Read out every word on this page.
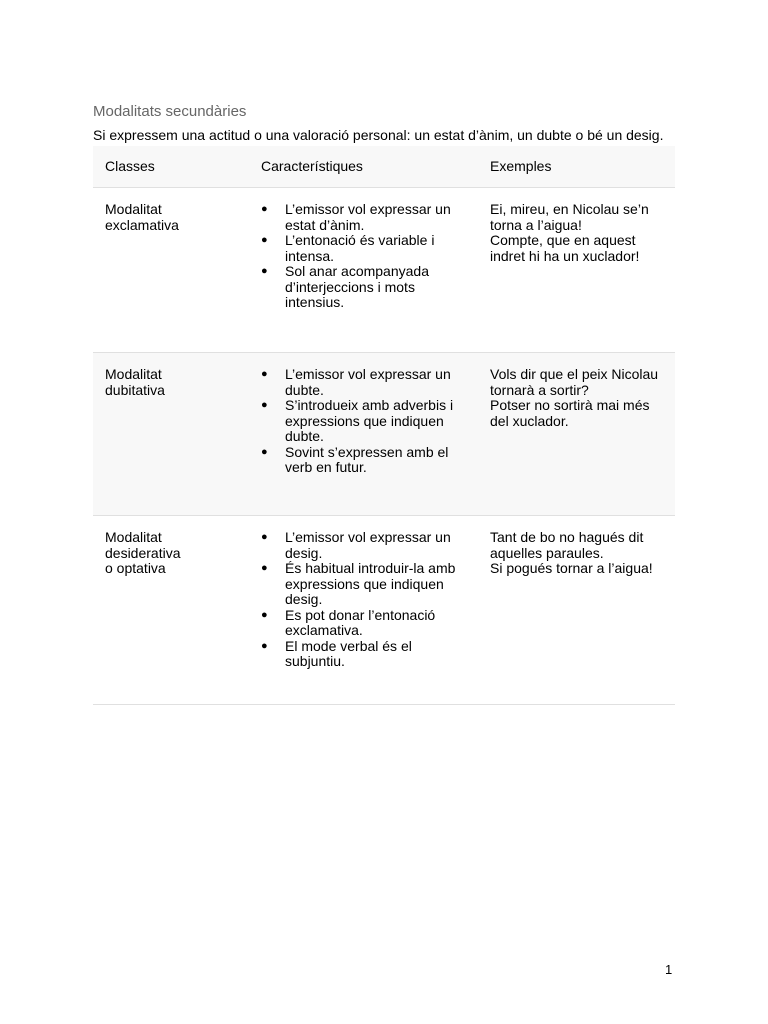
Modalitats secundàries

Si expressem una actitud o una valoració personal: un estat d’ànim, un dubte o bé un desig.

Classes	Característiques	Exemples
Modalitat
exclamativa
● L’emissor vol expressar un estat d’ànim.
● L’entonació és variable i intensa.
● Sol anar acompanyada d’interjeccions i mots intensius.
Ei, mireu, en Nicolau se’n torna a l’aigua!
Compte, que en aquest indret hi ha un xuclador!
Modalitat
dubitativa
● L’emissor vol expressar un dubte.
● S’introdueix amb adverbis i expressions que indiquen dubte.
● Sovint s’expressen amb el verb en futur.
Vols dir que el peix Nicolau tornarà a sortir?
Potser no sortirà mai més del xuclador.
Modalitat
desiderativa
o optativa
● L’emissor vol expressar un desig.
● És habitual introduir-la amb expressions que indiquen desig.
● Es pot donar l’entonació exclamativa.
● El mode verbal és el subjuntiu.
Tant de bo no hagués dit aquelles paraules.
Si pogués tornar a l’aigua!
1
